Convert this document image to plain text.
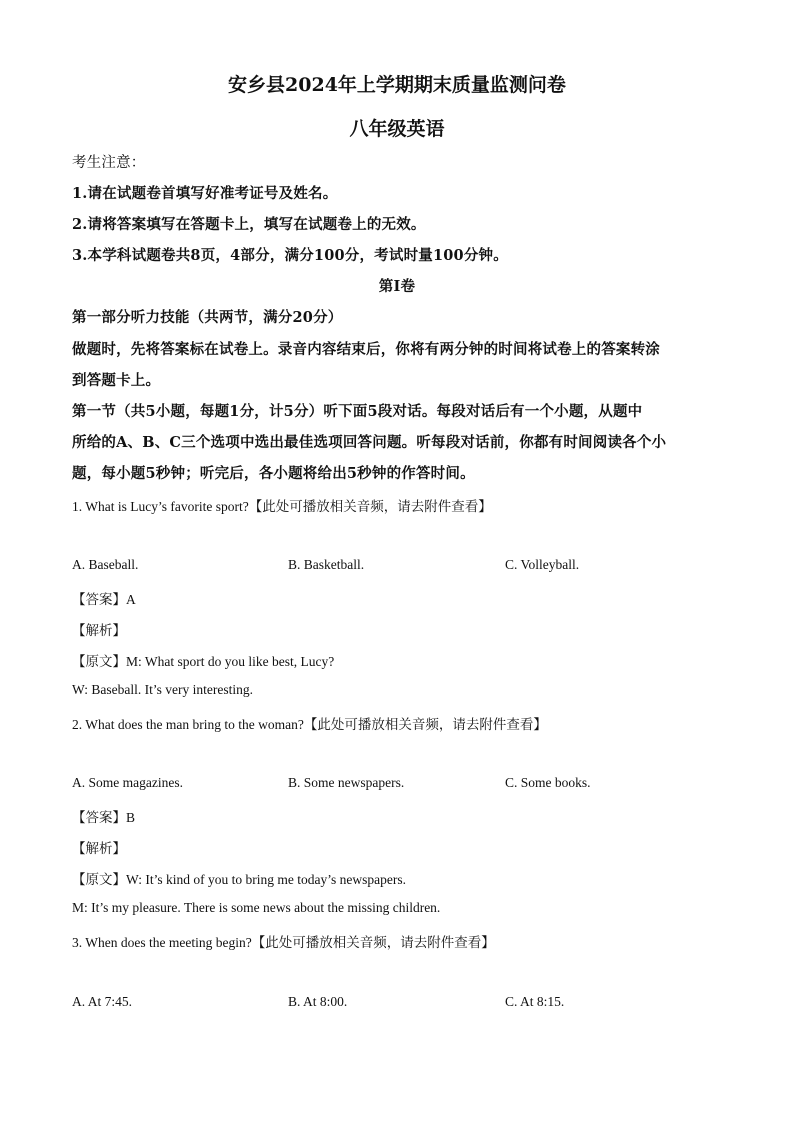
安乡县2024年上学期期末质量监测问卷
八年级英语
考生注意：
1.请在试题卷首填写好准考证号及姓名。
2.请将答案填写在答题卡上，填写在试题卷上的无效。
3.本学科试题卷共8页，4部分，满分100分，考试时量100分钟。
第I卷
第一部分听力技能（共两节，满分20分）
做题时，先将答案标在试卷上。录音内容结束后，你将有两分钟的时间将试卷上的答案转涂
到答题卡上。
第一节（共5小题，每题1分，计5分）听下面5段对话。每段对话后有一个小题，从题中
所给的A、B、C三个选项中选出最佳选项回答问题。听每段对话前，你都有时间阅读各个小
题，每小题5秒钟；听完后，各小题将给出5秒钟的作答时间。
1. What is Lucy’s favorite sport?【此处可播放相关音频，请去附件查看】
A. Baseball.	B. Basketball.	C. Volleyball.
【答案】A
【解析】
【原文】M: What sport do you like best, Lucy?
W: Baseball. It’s very interesting.
2. What does the man bring to the woman?【此处可播放相关音频，请去附件查看】
A. Some magazines.	B. Some newspapers.	C. Some books.
【答案】B
【解析】
【原文】W: It’s kind of you to bring me today’s newspapers.
M: It’s my pleasure. There is some news about the missing children.
3. When does the meeting begin?【此处可播放相关音频，请去附件查看】
A. At 7:45.	B. At 8:00.	C. At 8:15.
